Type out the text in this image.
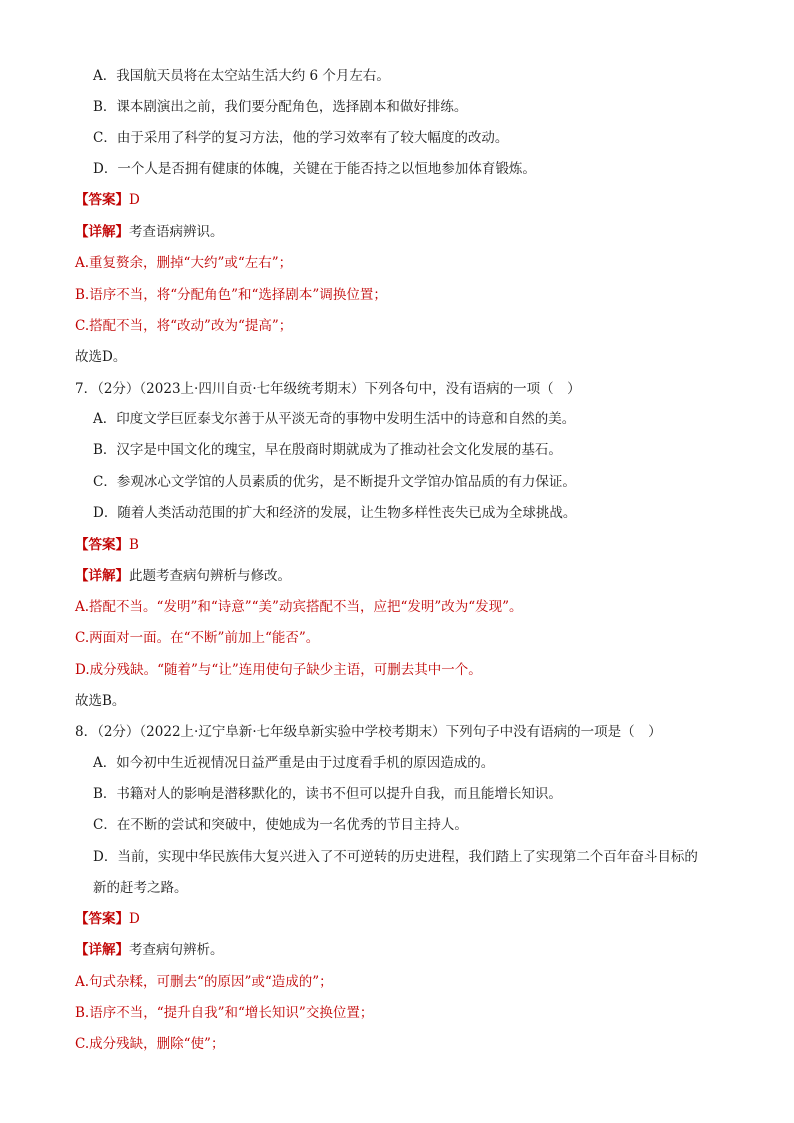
A．我国航天员将在太空站生活大约 6 个月左右。
B．课本剧演出之前，我们要分配角色，选择剧本和做好排练。
C．由于采用了科学的复习方法，他的学习效率有了较大幅度的改动。
D．一个人是否拥有健康的体魄，关键在于能否持之以恒地参加体育锻炼。
【答案】D
【详解】考查语病辨识。
A.重复赘余，删掉“大约”或“左右”；
B.语序不当，将“分配角色”和“选择剧本”调换位置；
C.搭配不当，将“改动”改为“提高”；
故选D。
7．（2分）（2023上·四川自贡·七年级统考期末）下列各句中，没有语病的一项（　）
A．印度文学巨匠泰戈尔善于从平淡无奇的事物中发明生活中的诗意和自然的美。
B．汉字是中国文化的瑰宝，早在殷商时期就成为了推动社会文化发展的基石。
C．参观冰心文学馆的人员素质的优劣，是不断提升文学馆办馆品质的有力保证。
D．随着人类活动范围的扩大和经济的发展，让生物多样性丧失已成为全球挑战。
【答案】B
【详解】此题考查病句辨析与修改。
A.搭配不当。“发明”和“诗意”“美”动宾搭配不当，应把“发明”改为“发现”。
C.两面对一面。在“不断”前加上“能否”。
D.成分残缺。“随着”与“让”连用使句子缺少主语，可删去其中一个。
故选B。
8．（2分）（2022上·辽宁阜新·七年级阜新实验中学校考期末）下列句子中没有语病的一项是（　）
A．如今初中生近视情况日益严重是由于过度看手机的原因造成的。
B．书籍对人的影响是潜移默化的，读书不但可以提升自我，而且能增长知识。
C．在不断的尝试和突破中，使她成为一名优秀的节目主持人。
D．当前，实现中华民族伟大复兴进入了不可逆转的历史进程，我们踏上了实现第二个百年奋斗目标的
新的赶考之路。
【答案】D
【详解】考查病句辨析。
A.句式杂糅，可删去“的原因”或“造成的”；
B.语序不当，“提升自我”和“增长知识”交换位置；
C.成分残缺，删除“使”；
